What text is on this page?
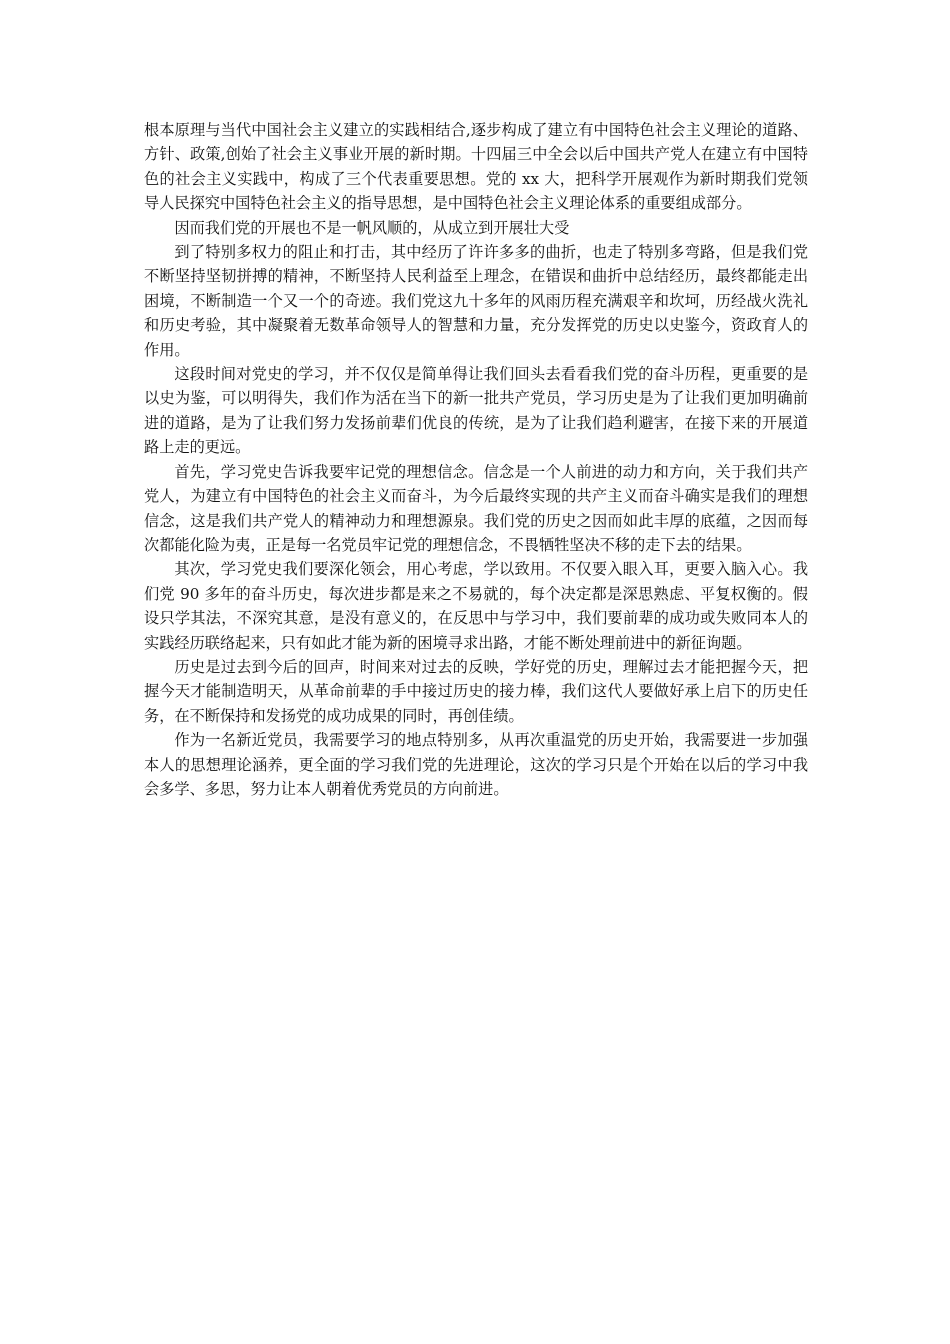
根本原理与当代中国社会主义建立的实践相结合,逐步构成了建立有中国特色社会主义理论的道路、方针、政策,创始了社会主义事业开展的新时期。十四届三中全会以后中国共产党人在建立有中国特色的社会主义实践中，构成了三个代表重要思想。党的 xx 大，把科学开展观作为新时期我们党领导人民探究中国特色社会主义的指导思想，是中国特色社会主义理论体系的重要组成部分。

因而我们党的开展也不是一帆风顺的，从成立到开展壮大受

到了特别多权力的阻止和打击，其中经历了许许多多的曲折，也走了特别多弯路，但是我们党不断坚持坚韧拼搏的精神，不断坚持人民利益至上理念，在错误和曲折中总结经历，最终都能走出困境，不断制造一个又一个的奇迹。我们党这九十多年的风雨历程充满艰辛和坎坷，历经战火洗礼和历史考验，其中凝聚着无数革命领导人的智慧和力量，充分发挥党的历史以史鉴今，资政育人的作用。

这段时间对党史的学习，并不仅仅是简单得让我们回头去看看我们党的奋斗历程，更重要的是以史为鉴，可以明得失，我们作为活在当下的新一批共产党员，学习历史是为了让我们更加明确前进的道路，是为了让我们努力发扬前辈们优良的传统，是为了让我们趋利避害，在接下来的开展道路上走的更远。

首先，学习党史告诉我要牢记党的理想信念。信念是一个人前进的动力和方向，关于我们共产党人，为建立有中国特色的社会主义而奋斗，为今后最终实现的共产主义而奋斗确实是我们的理想信念，这是我们共产党人的精神动力和理想源泉。我们党的历史之因而如此丰厚的底蕴，之因而每次都能化险为夷，正是每一名党员牢记党的理想信念，不畏牺牲坚决不移的走下去的结果。

其次，学习党史我们要深化领会，用心考虑，学以致用。不仅要入眼入耳，更要入脑入心。我们党 90 多年的奋斗历史，每次进步都是来之不易就的，每个决定都是深思熟虑、平复权衡的。假设只学其法，不深究其意，是没有意义的，在反思中与学习中，我们要前辈的成功或失败同本人的实践经历联络起来，只有如此才能为新的困境寻求出路，才能不断处理前进中的新征询题。

历史是过去到今后的回声，时间来对过去的反映，学好党的历史，理解过去才能把握今天，把握今天才能制造明天，从革命前辈的手中接过历史的接力棒，我们这代人要做好承上启下的历史任务，在不断保持和发扬党的成功成果的同时，再创佳绩。

作为一名新近党员，我需要学习的地点特别多，从再次重温党的历史开始，我需要进一步加强本人的思想理论涵养，更全面的学习我们党的先进理论，这次的学习只是个开始在以后的学习中我会多学、多思，努力让本人朝着优秀党员的方向前进。
